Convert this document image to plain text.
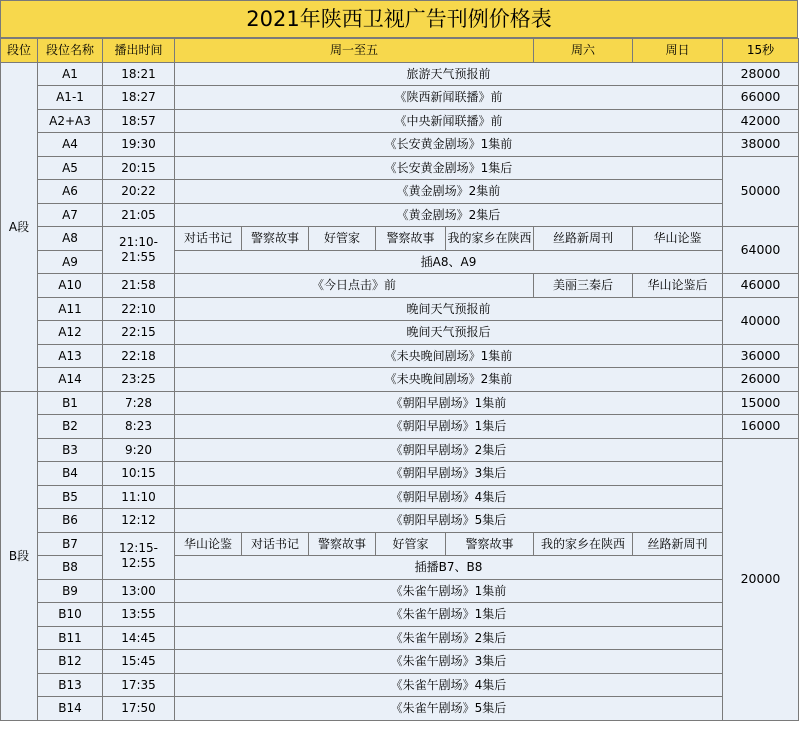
2021年陕西卫视广告刊例价格表
段位	段位名称	播出时间	周一至五					周六	周日	15秒
A段	A1	18:21	旅游天气预报前							28000
	A1-1	18:27	《陕西新闻联播》前							66000
	A2+A3	18:57	《中央新闻联播》前							42000
	A4	19:30	《长安黄金剧场》1集前							38000
	A5	20:15	《长安黄金剧场》1集后							50000
	A6	20:22	《黄金剧场》2集前							
	A7	21:05	《黄金剧场》2集后							
	A8	21:10-21:55	对话书记	警察故事	好管家	警察故事	我的家乡在陕西	丝路新周刊	华山论鉴	64000
	A9		插A8、A9							
	A10	21:58	《今日点击》前					美丽三秦后	华山论鉴后	46000
	A11	22:10	晚间天气预报前							40000
	A12	22:15	晚间天气预报后							
	A13	22:18	《未央晚间剧场》1集前							36000
	A14	23:25	《未央晚间剧场》2集前							26000
B段	B1	7:28	《朝阳早剧场》1集前							15000
	B2	8:23	《朝阳早剧场》1集后							16000
	B3	9:20	《朝阳早剧场》2集后							20000
	B4	10:15	《朝阳早剧场》3集后							
	B5	11:10	《朝阳早剧场》4集后							
	B6	12:12	《朝阳早剧场》5集后							
	B7	12:15-12:55	华山论鉴	对话书记	警察故事	好管家	警察故事	我的家乡在陕西	丝路新周刊	
	B8		插播B7、B8							
	B9	13:00	《朱雀午剧场》1集前							
	B10	13:55	《朱雀午剧场》1集后							
	B11	14:45	《朱雀午剧场》2集后							
	B12	15:45	《朱雀午剧场》3集后							
	B13	17:35	《朱雀午剧场》4集后							
	B14	17:50	《朱雀午剧场》5集后							
